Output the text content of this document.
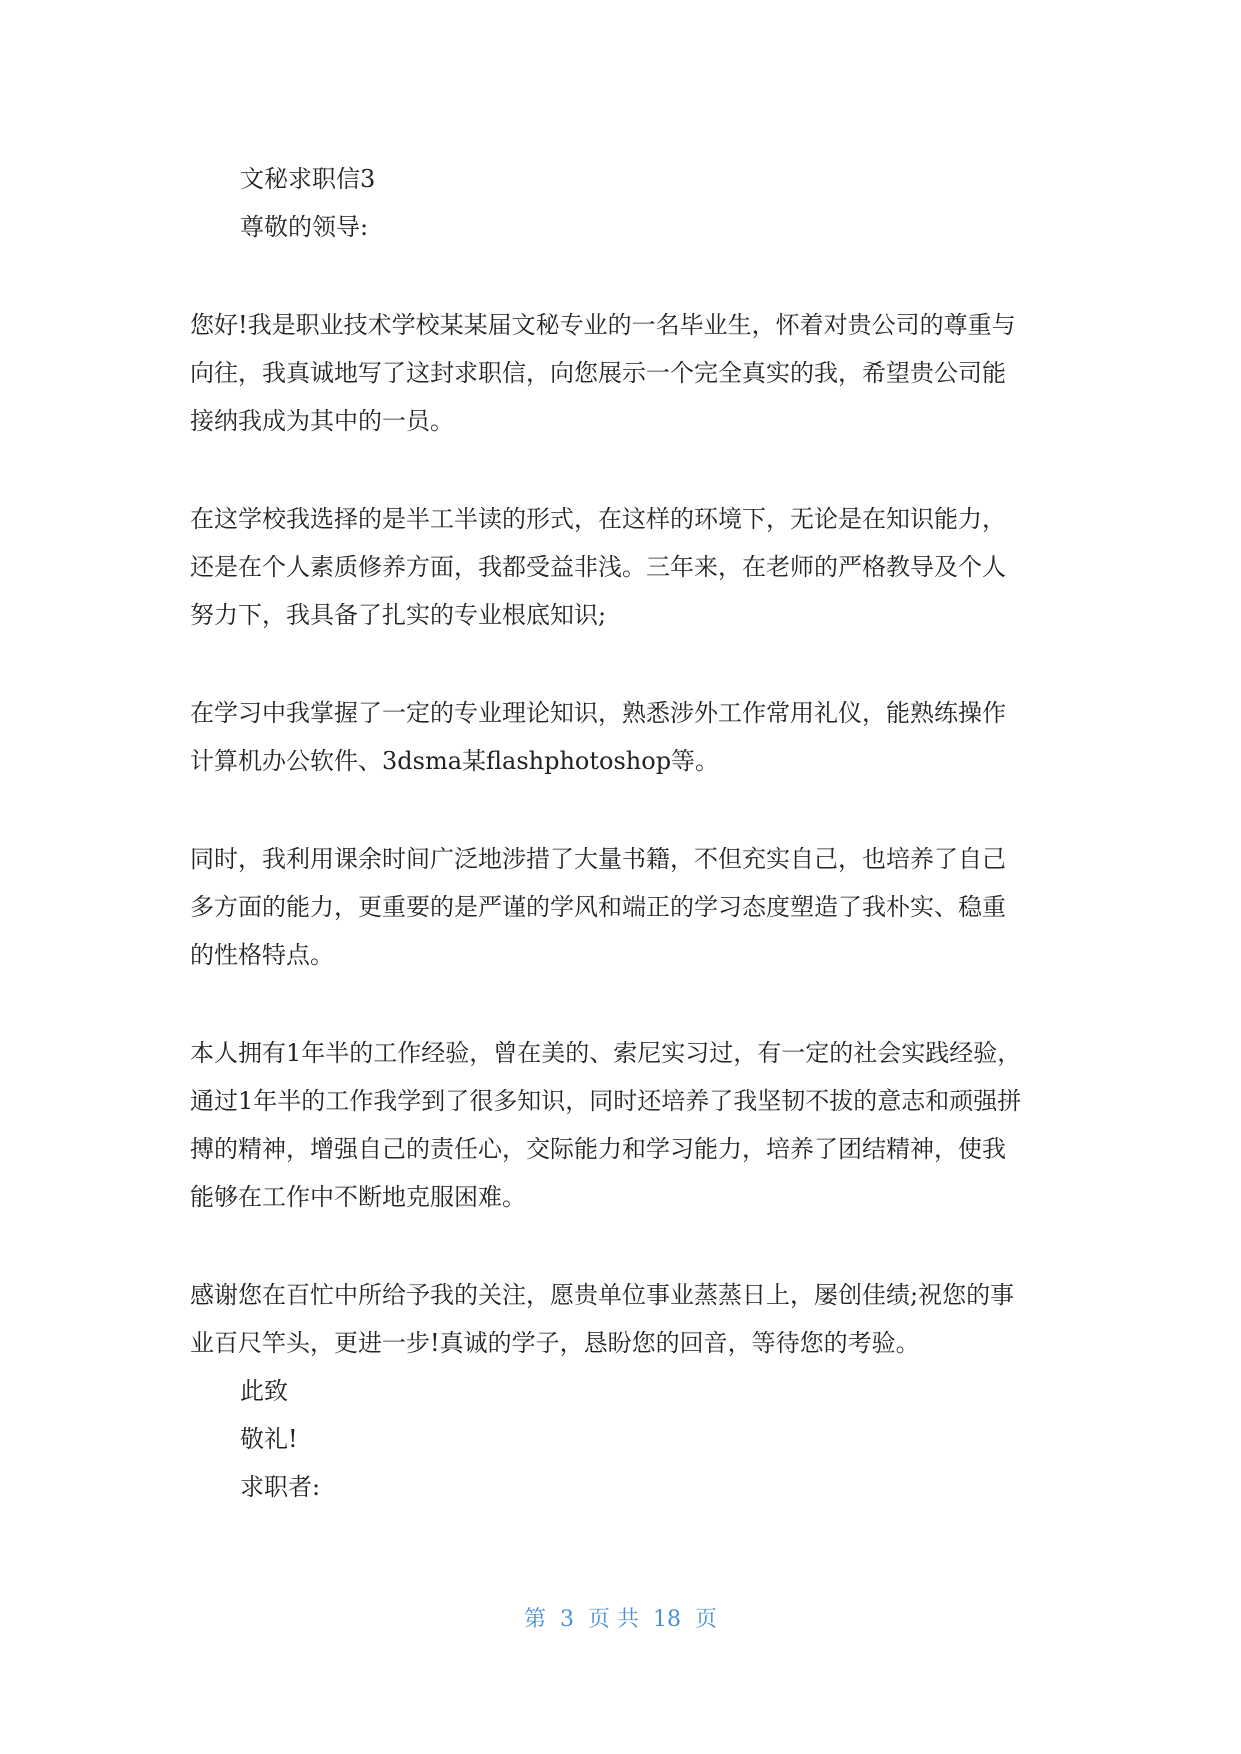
文秘求职信3
尊敬的领导:
您好!我是职业技术学校某某届文秘专业的一名毕业生，怀着对贵公司的尊重与
向往，我真诚地写了这封求职信，向您展示一个完全真实的我，希望贵公司能
接纳我成为其中的一员。
在这学校我选择的是半工半读的形式，在这样的环境下，无论是在知识能力，
还是在个人素质修养方面，我都受益非浅。三年来，在老师的严格教导及个人
努力下，我具备了扎实的专业根底知识;
在学习中我掌握了一定的专业理论知识，熟悉涉外工作常用礼仪，能熟练操作
计算机办公软件、3dsma某flashphotoshop等。
同时，我利用课余时间广泛地涉措了大量书籍，不但充实自己，也培养了自己
多方面的能力，更重要的是严谨的学风和端正的学习态度塑造了我朴实、稳重
的性格特点。
本人拥有1年半的工作经验，曾在美的、索尼实习过，有一定的社会实践经验，
通过1年半的工作我学到了很多知识，同时还培养了我坚韧不拔的意志和顽强拼
搏的精神，增强自己的责任心，交际能力和学习能力，培养了团结精神，使我
能够在工作中不断地克服困难。
感谢您在百忙中所给予我的关注，愿贵单位事业蒸蒸日上，屡创佳绩;祝您的事
业百尺竿头，更进一步!真诚的学子，恳盼您的回音，等待您的考验。
此致
敬礼!
求职者:
第  3  页 共  18  页
